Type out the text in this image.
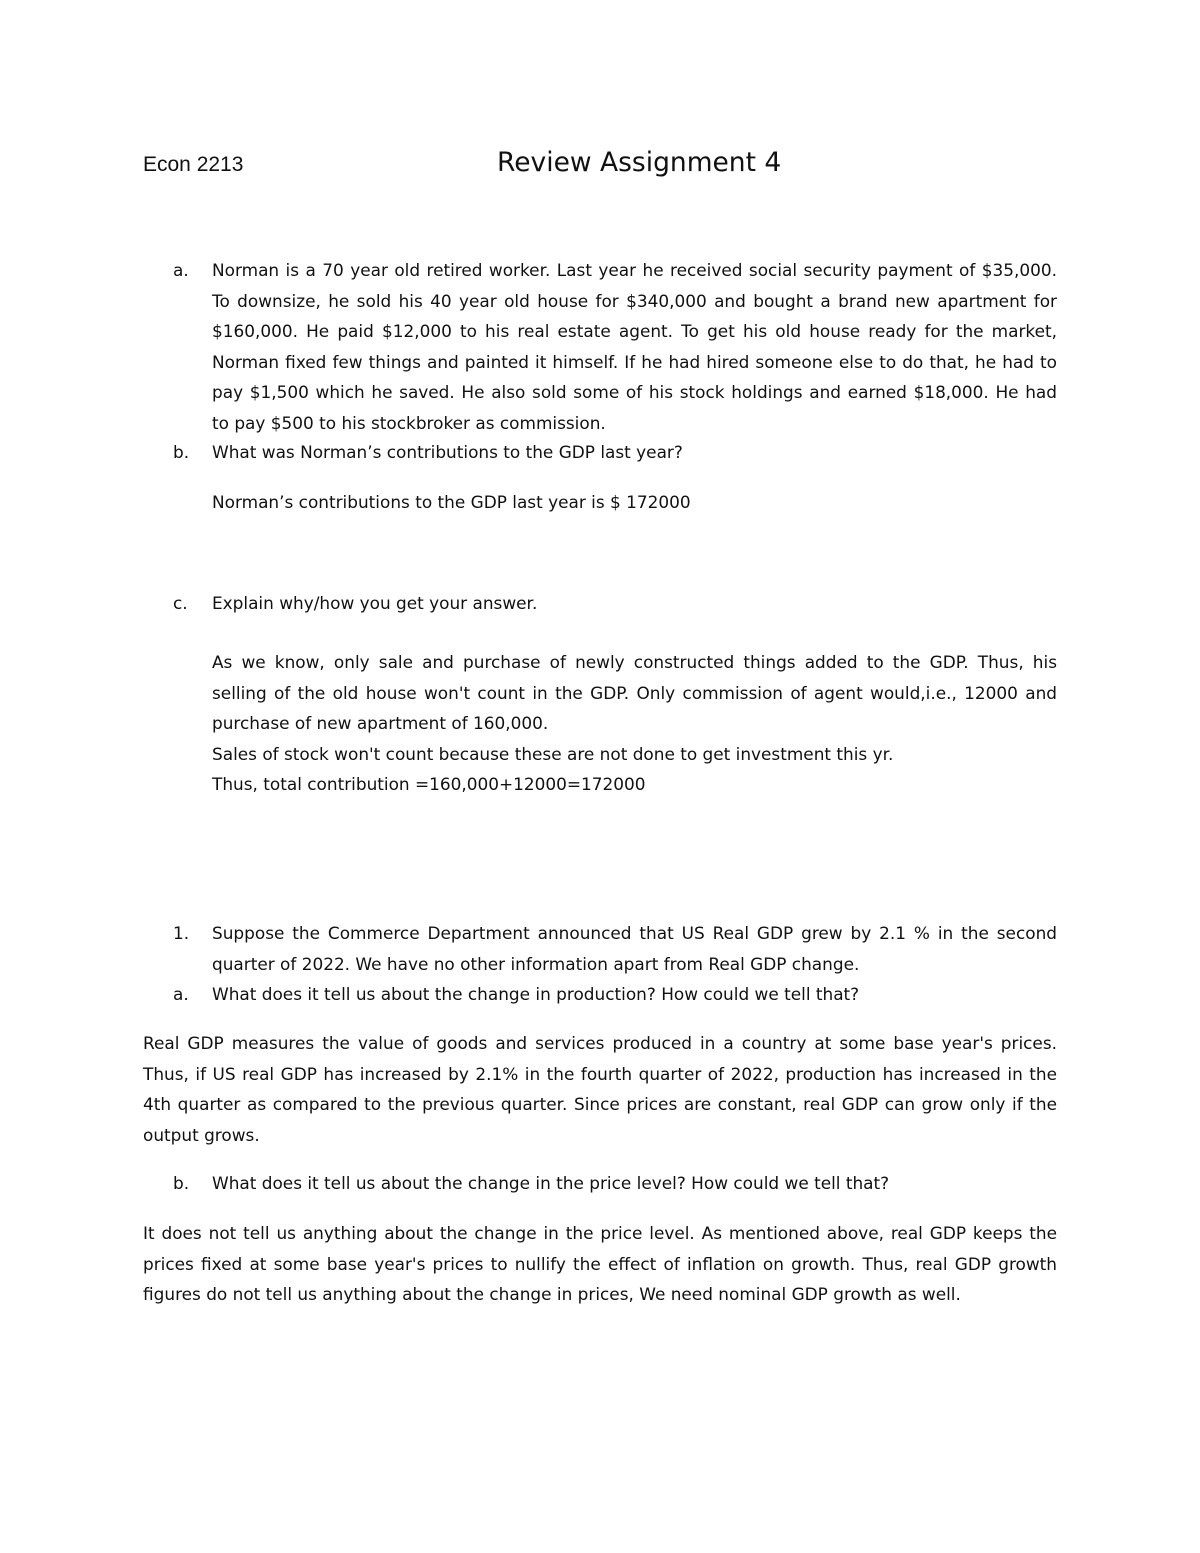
Econ 2213	Review Assignment 4
a. Norman is a 70 year old retired worker. Last year he received social security payment of $35,000. To downsize, he sold his 40 year old house for $340,000 and bought a brand new apartment for $160,000. He paid $12,000 to his real estate agent. To get his old house ready for the market, Norman fixed few things and painted it himself. If he had hired someone else to do that, he had to pay $1,500 which he saved. He also sold some of his stock holdings and earned $18,000. He had to pay $500 to his stockbroker as commission.
b. What was Norman’s contributions to the GDP last year?
Norman’s contributions to the GDP last year is $ 172000
c. Explain why/how you get your answer.
As we know, only sale and purchase of newly constructed things added to the GDP. Thus, his selling of the old house won't count in the GDP. Only commission of agent would,i.e., 12000 and purchase of new apartment of 160,000.
Sales of stock won't count because these are not done to get investment this yr.
Thus, total contribution =160,000+12000=172000
1. Suppose the Commerce Department announced that US Real GDP grew by 2.1 % in the second quarter of 2022. We have no other information apart from Real GDP change.
a. What does it tell us about the change in production? How could we tell that?
Real GDP measures the value of goods and services produced in a country at some base year's prices. Thus, if US real GDP has increased by 2.1% in the fourth quarter of 2022, production has increased in the 4th quarter as compared to the previous quarter. Since prices are constant, real GDP can grow only if the output grows.
b. What does it tell us about the change in the price level? How could we tell that?
It does not tell us anything about the change in the price level. As mentioned above, real GDP keeps the prices fixed at some base year's prices to nullify the effect of inflation on growth. Thus, real GDP growth figures do not tell us anything about the change in prices, We need nominal GDP growth as well.
